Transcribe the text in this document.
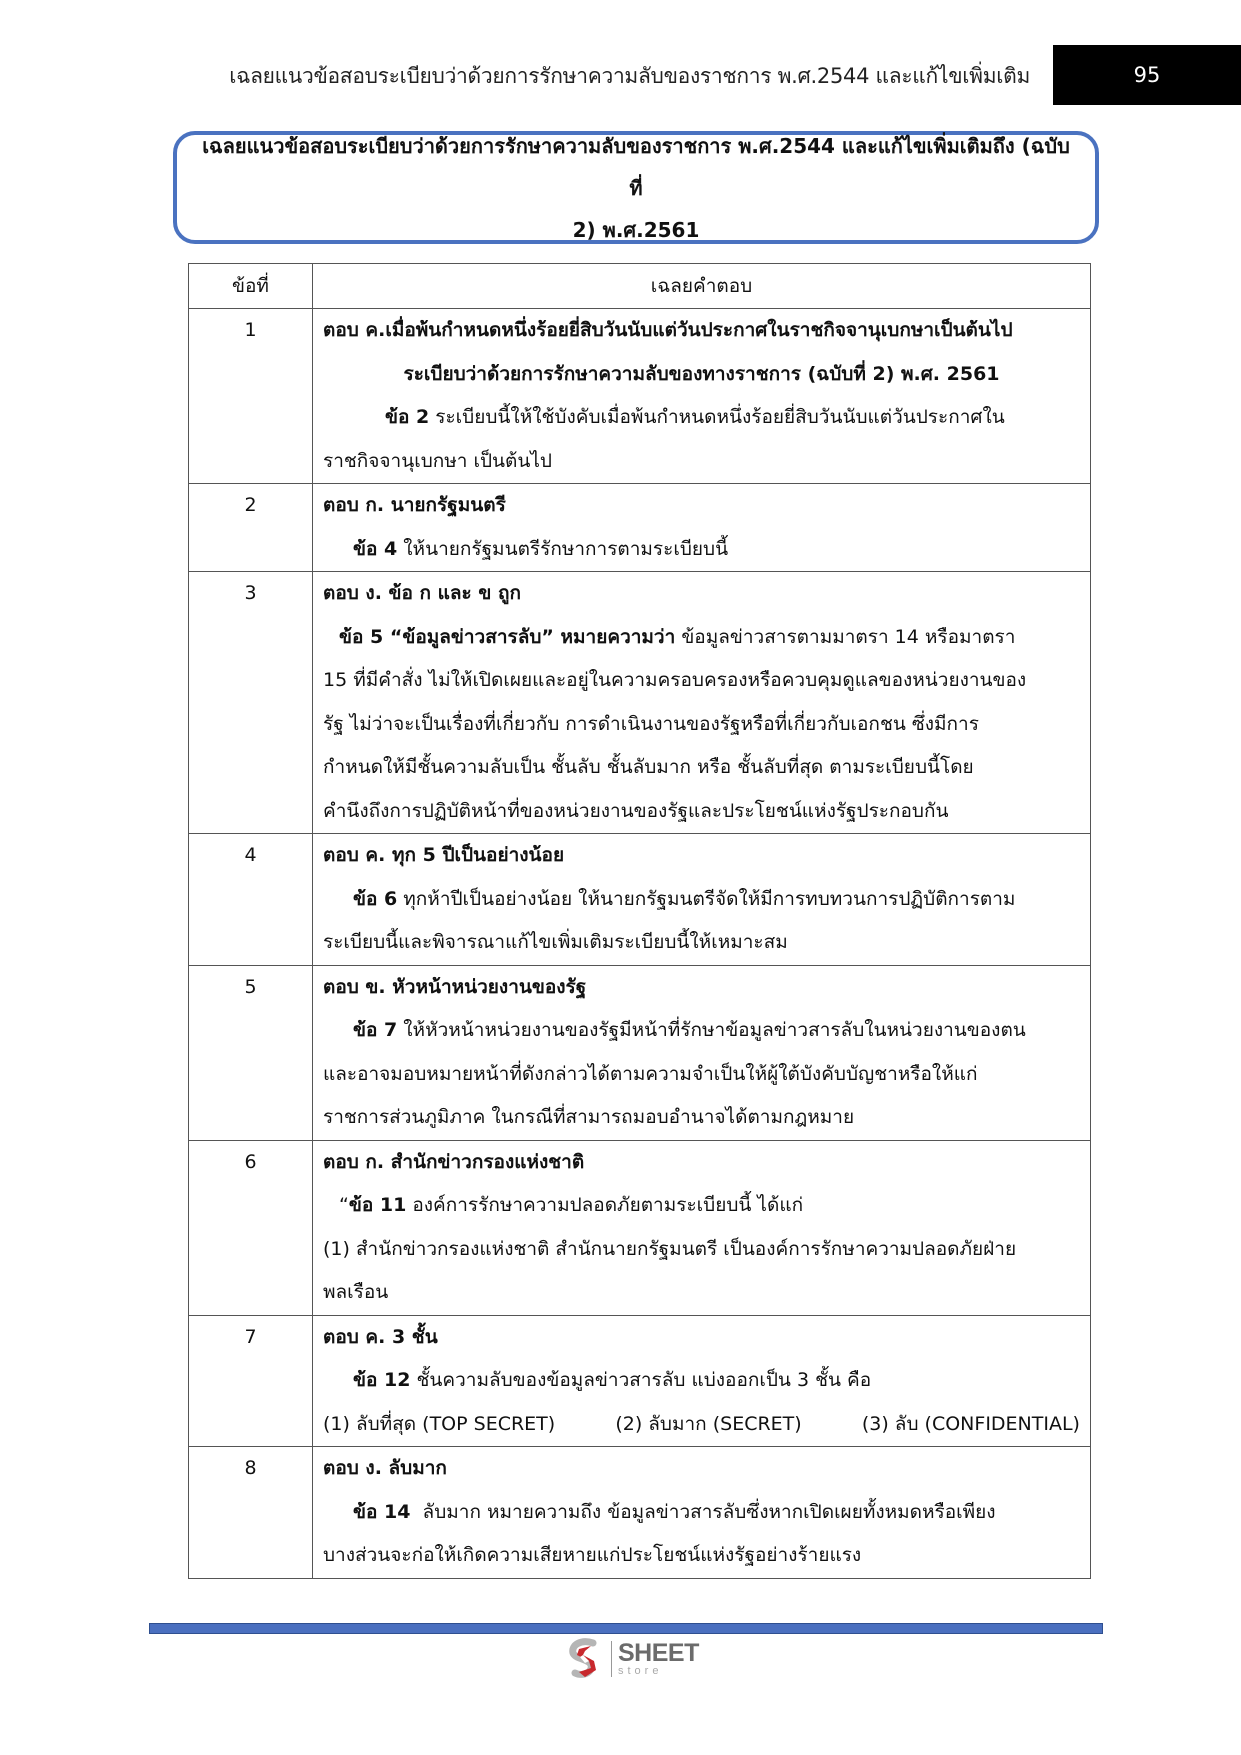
เฉลยแนวข้อสอบระเบียบว่าด้วยการรักษาความลับของราชการ พ.ศ.2544 และแก้ไขเพิ่มเติม	95
เฉลยแนวข้อสอบระเบียบว่าด้วยการรักษาความลับของราชการ พ.ศ.2544 และแก้ไขเพิ่มเติมถึง (ฉบับที่
2) พ.ศ.2561
ข้อที่	เฉลยคำตอบ
1	ตอบ ค.เมื่อพ้นกำหนดหนึ่งร้อยยี่สิบวันนับแต่วันประกาศในราชกิจจานุเบกษาเป็นต้นไป
ระเบียบว่าด้วยการรักษาความลับของทางราชการ (ฉบับที่ 2) พ.ศ. 2561
ข้อ 2 ระเบียบนี้ให้ใช้บังคับเมื่อพ้นกำหนดหนึ่งร้อยยี่สิบวันนับแต่วันประกาศใน
ราชกิจจานุเบกษา เป็นต้นไป

2	ตอบ ก. นายกรัฐมนตรี
ข้อ 4 ให้นายกรัฐมนตรีรักษาการตามระเบียบนี้

3	ตอบ ง. ข้อ ก และ ข ถูก
ข้อ 5 “ข้อมูลข่าวสารลับ” หมายความว่า ข้อมูลข่าวสารตามมาตรา 14 หรือมาตรา
15 ที่มีคำสั่ง ไม่ให้เปิดเผยและอยู่ในความครอบครองหรือควบคุมดูแลของหน่วยงานของ
รัฐ ไม่ว่าจะเป็นเรื่องที่เกี่ยวกับ การดำเนินงานของรัฐหรือที่เกี่ยวกับเอกชน ซึ่งมีการ
กำหนดให้มีชั้นความลับเป็น ชั้นลับ ชั้นลับมาก หรือ ชั้นลับที่สุด ตามระเบียบนี้โดย
คำนึงถึงการปฏิบัติหน้าที่ของหน่วยงานของรัฐและประโยชน์แห่งรัฐประกอบกัน

4	ตอบ ค. ทุก 5 ปีเป็นอย่างน้อย
ข้อ 6 ทุกห้าปีเป็นอย่างน้อย ให้นายกรัฐมนตรีจัดให้มีการทบทวนการปฏิบัติการตาม
ระเบียบนี้และพิจารณาแก้ไขเพิ่มเติมระเบียบนี้ให้เหมาะสม

5	ตอบ ข. หัวหน้าหน่วยงานของรัฐ
ข้อ 7 ให้หัวหน้าหน่วยงานของรัฐมีหน้าที่รักษาข้อมูลข่าวสารลับในหน่วยงานของตน
และอาจมอบหมายหน้าที่ดังกล่าวได้ตามความจำเป็นให้ผู้ใต้บังคับบัญชาหรือให้แก่
ราชการส่วนภูมิภาค ในกรณีที่สามารถมอบอำนาจได้ตามกฎหมาย

6	ตอบ ก. สำนักข่าวกรองแห่งชาติ
“ข้อ 11 องค์การรักษาความปลอดภัยตามระเบียบนี้ ได้แก่
(1) สำนักข่าวกรองแห่งชาติ สำนักนายกรัฐมนตรี เป็นองค์การรักษาความปลอดภัยฝ่าย
พลเรือน

7	ตอบ ค. 3 ชั้น
ข้อ 12 ชั้นความลับของข้อมูลข่าวสารลับ แบ่งออกเป็น 3 ชั้น คือ
(1) ลับที่สุด (TOP SECRET) (2) ลับมาก (SECRET) (3) ลับ (CONFIDENTIAL)

8	ตอบ ง. ลับมาก
ข้อ 14  ลับมาก หมายความถึง ข้อมูลข่าวสารลับซึ่งหากเปิดเผยทั้งหมดหรือเพียง
บางส่วนจะก่อให้เกิดความเสียหายแก่ประโยชน์แห่งรัฐอย่างร้ายแรง
SHEET
store
